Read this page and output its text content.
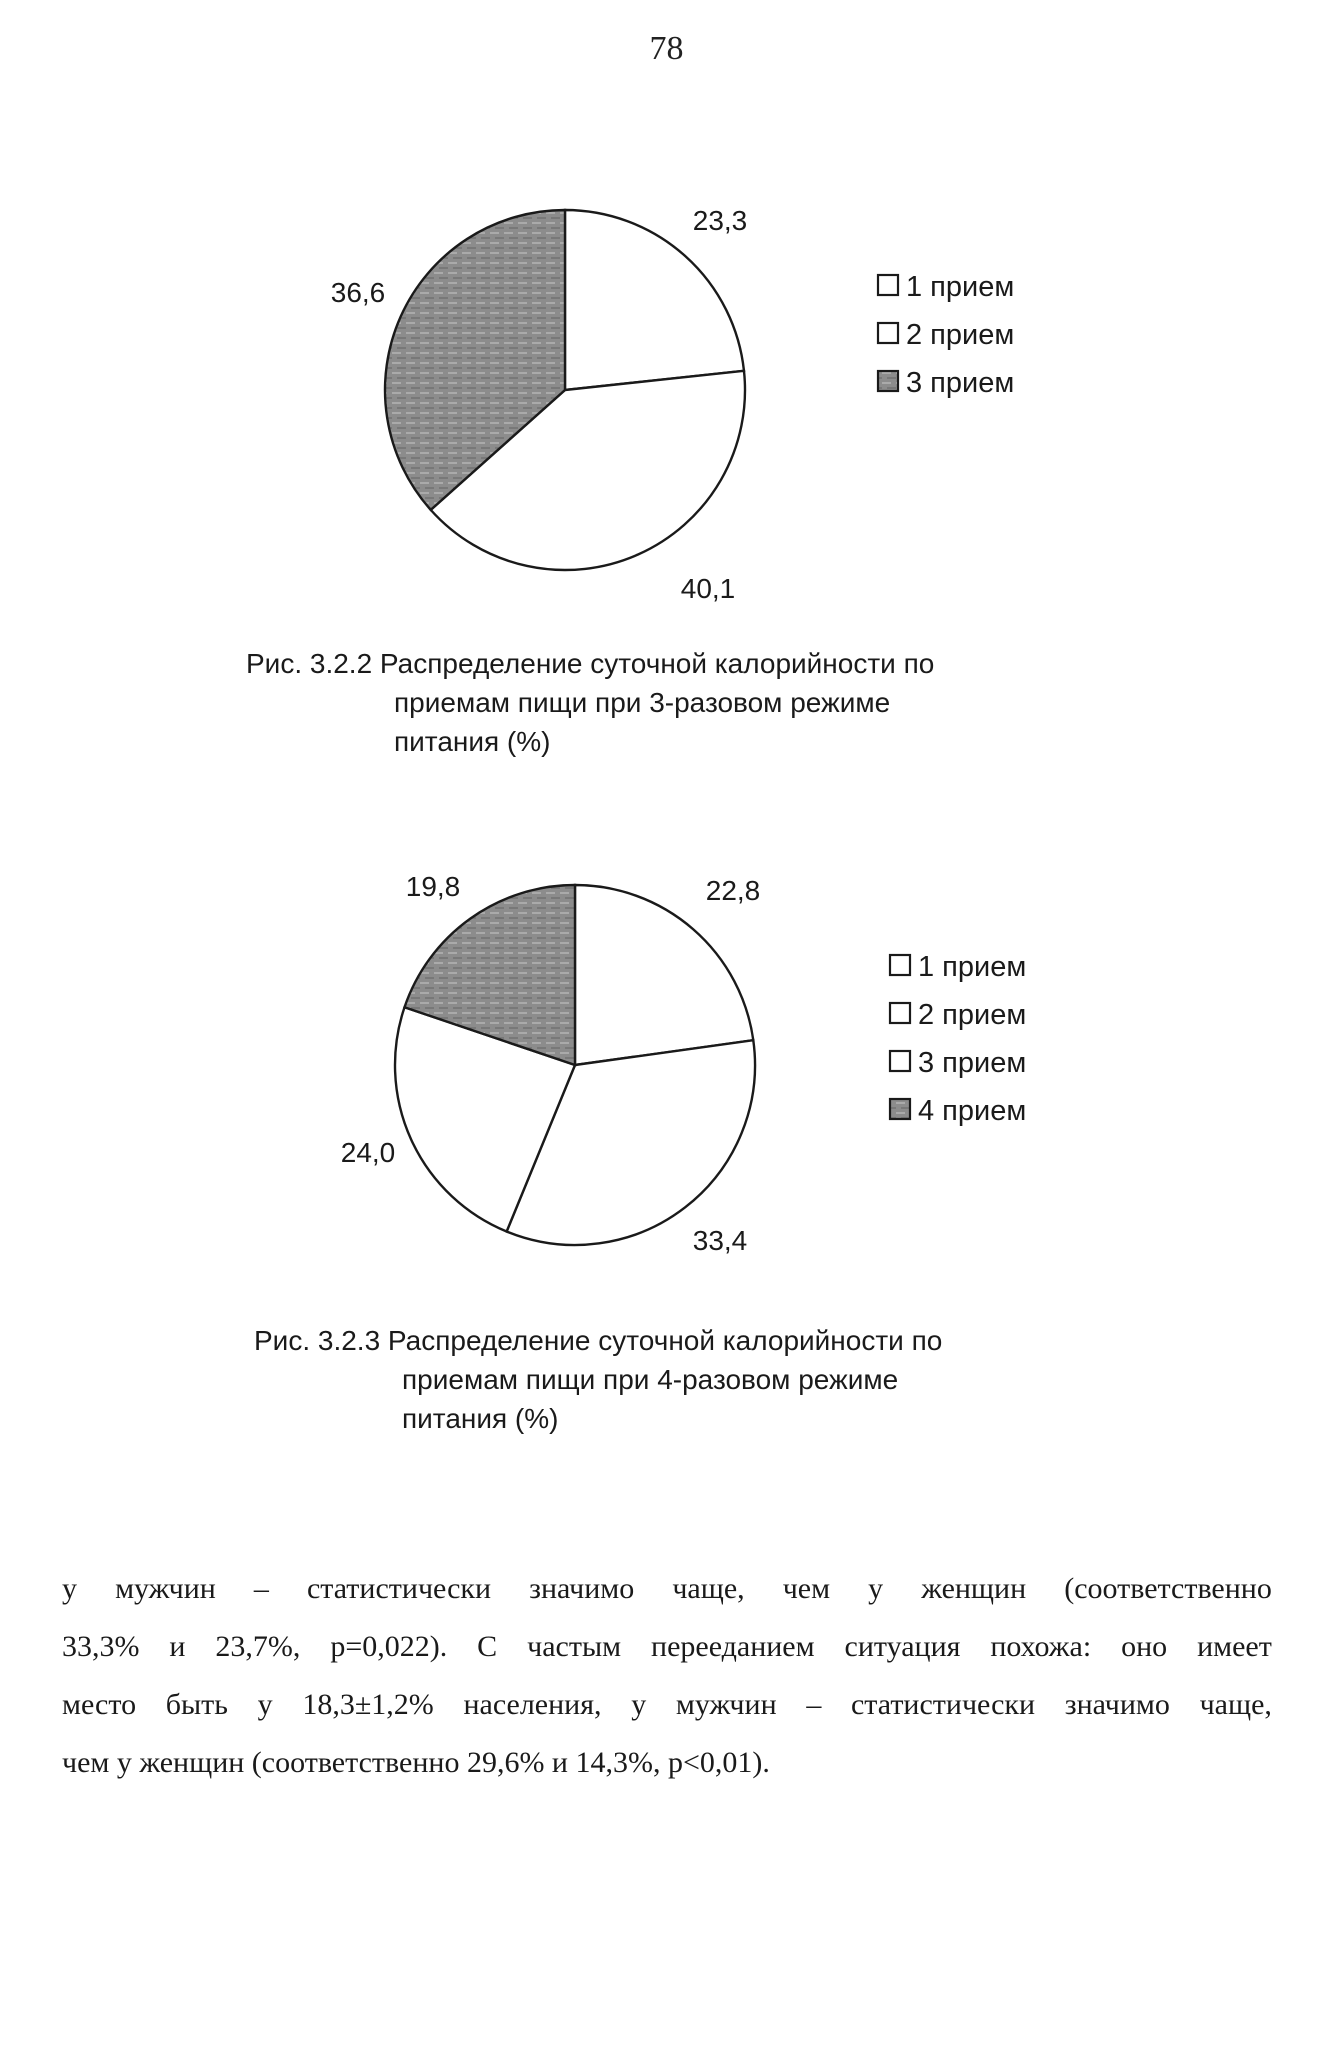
78
23,3
40,1
36,6	1 прием
2 прием
3 прием
Рис. 3.2.2 Распределение суточной калорийности по
приемам пищи при 3-разовом режиме
питания (%)
22,8
33,4
24,0
19,8
1 прием
2 прием
3 прием
4 прием
Рис. 3.2.3 Распределение суточной калорийности по
приемам пищи при 4-разовом режиме
питания (%)

у мужчин – статистически значимо чаще, чем у женщин (соответственно

33,3% и 23,7%, р=0,022). С частым перееданием ситуация похожа: оно имеет

место быть у 18,3±1,2% населения, у мужчин – статистически значимо чаще,

чем у женщин (соответственно 29,6% и 14,3%, р<0,01).
